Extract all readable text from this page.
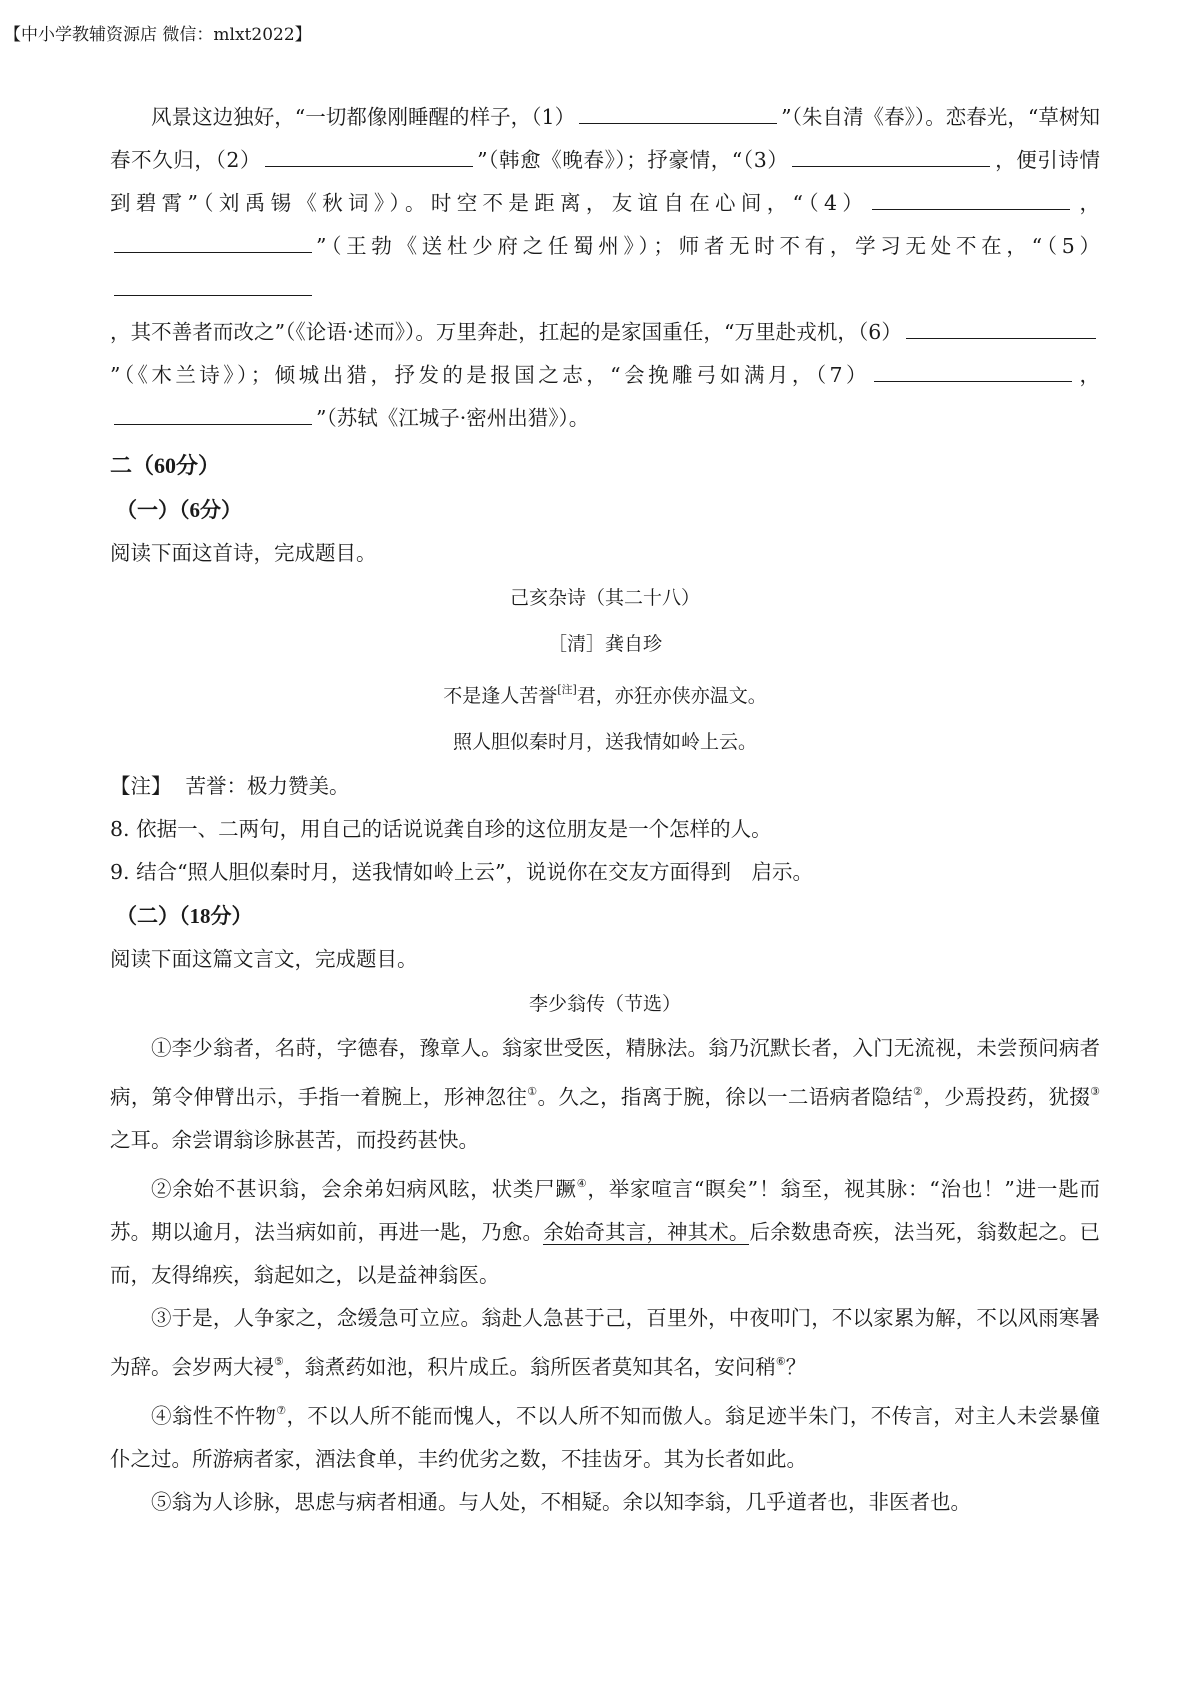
【中小学教辅资源店 微信：mlxt2022】

风景这边独好，“一切都像刚睡醒的样子，（1）	”（朱自清《春》）。恋春光，“草树知春不久归，（2）	”（韩愈《晚春》）；抒豪情，“（3）	，便引诗情到碧霄”（刘禹锡《秋词》）。时空不是距离，友谊自在心间，“（4）	，”（王勃《送杜少府之任蜀州》）；师者无时不有，学习无处不在，“（5），其不善者而改之”（《论语·述而》）。万里奔赴，扛起的是家国重任，“万里赴戎机，（6）”（《木兰诗》）；倾城出猎，抒发的是报国之志，“会挽雕弓如满月，（7）	，”（苏轼《江城子·密州出猎》）。

二（60分）

（一）（6分）

阅读下面这首诗，完成题目。

己亥杂诗（其二十八）

［清］龚自珍

不是逢人苦誉[注]君，亦狂亦侠亦温文。

照人胆似秦时月，送我情如岭上云。

【注】 苦誉：极力赞美。

8. 依据一、二两句，用自己的话说说龚自珍的这位朋友是一个怎样的人。

9. 结合“照人胆似秦时月，送我情如岭上云”，说说你在交友方面得到　启示。

（二）（18分）

阅读下面这篇文言文，完成题目。

李少翁传（节选）

①李少翁者，名莳，字德春，豫章人。翁家世受医，精脉法。翁乃沉默长者，入门无流视，未尝预问病者病，第令伸臂出示，手指一着腕上，形神忽往①。久之，指离于腕，徐以一二语病者隐结②，少焉投药，犹掇③之耳。余尝谓翁诊脉甚苦，而投药甚快。

②余始不甚识翁，会余弟妇病风眩，状类尸蹶④，举家喧言“瞑矣”！翁至，视其脉：“治也！”进一匙而苏。期以逾月，法当病如前，再进一匙，乃愈。余始奇其言，神其术。后余数患奇疾，法当死，翁数起之。已而，友得绵疾，翁起如之，以是益神翁医。

③于是，人争家之，念缓急可立应。翁赴人急甚于己，百里外，中夜叩门，不以家累为解，不以风雨寒暑为辞。会岁两大祲⑤，翁煮药如池，积片成丘。翁所医者莫知其名，安问稍⑥？

④翁性不忤物⑦，不以人所不能而愧人，不以人所不知而傲人。翁足迹半朱门，不传言，对主人未尝暴僮仆之过。所游病者家，酒法食单，丰约优劣之数，不挂齿牙。其为长者如此。

⑤翁为人诊脉，思虑与病者相通。与人处，不相疑。余以知李翁，几乎道者也，非医者也。
